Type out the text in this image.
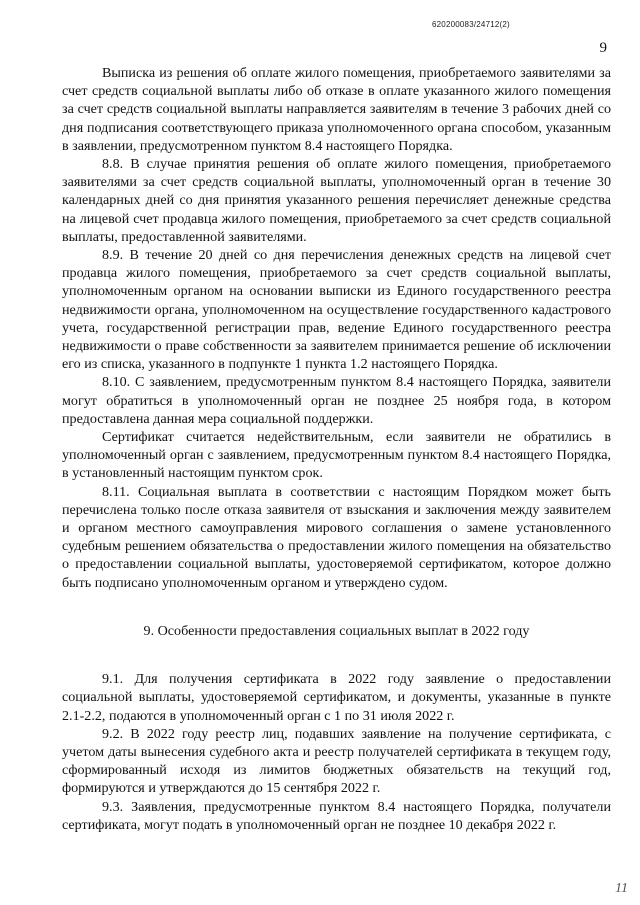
620200083/24712(2)
9

Выписка из решения об оплате жилого помещения, приобретаемого заявителями за счет средств социальной выплаты либо об отказе в оплате указанного жилого помещения за счет средств социальной выплаты направляется заявителям в течение 3 рабочих дней со дня подписания соответствующего приказа уполномоченного органа способом, указанным в заявлении, предусмотренном пунктом 8.4 настоящего Порядка.

8.8. В случае принятия решения об оплате жилого помещения, приобретаемого заявителями за счет средств социальной выплаты, уполномоченный орган в течение 30 календарных дней со дня принятия указанного решения перечисляет денежные средства на лицевой счет продавца жилого помещения, приобретаемого за счет средств социальной выплаты, предоставленной заявителями.

8.9. В течение 20 дней со дня перечисления денежных средств на лицевой счет продавца жилого помещения, приобретаемого за счет средств социальной выплаты, уполномоченным органом на основании выписки из Единого государственного реестра недвижимости органа, уполномоченном на осуществление государственного кадастрового учета, государственной регистрации прав, ведение Единого государственного реестра недвижимости о праве собственности за заявителем принимается решение об исключении его из списка, указанного в подпункте 1 пункта 1.2 настоящего Порядка.

8.10. С заявлением, предусмотренным пунктом 8.4 настоящего Порядка, заявители могут обратиться в уполномоченный орган не позднее 25 ноября года, в котором предоставлена данная мера социальной поддержки.

Сертификат считается недействительным, если заявители не обратились в уполномоченный орган с заявлением, предусмотренным пунктом 8.4 настоящего Порядка, в установленный настоящим пунктом срок.

8.11. Социальная выплата в соответствии с настоящим Порядком может быть перечислена только после отказа заявителя от взыскания и заключения между заявителем и органом местного самоуправления мирового соглашения о замене установленного судебным решением обязательства о предоставлении жилого помещения на обязательство о предоставлении социальной выплаты, удостоверяемой сертификатом, которое должно быть подписано уполномоченным органом и утверждено судом.

9. Особенности предоставления социальных выплат в 2022 году

9.1. Для получения сертификата в 2022 году заявление о предоставлении социальной выплаты, удостоверяемой сертификатом, и документы, указанные в пункте 2.1-2.2, подаются в уполномоченный орган с 1 по 31 июля 2022 г.

9.2. В 2022 году реестр лиц, подавших заявление на получение сертификата, с учетом даты вынесения судебного акта и реестр получателей сертификата в текущем году, сформированный исходя из лимитов бюджетных обязательств на текущий год, формируются и утверждаются до 15 сентября 2022 г.

9.3. Заявления, предусмотренные пунктом 8.4 настоящего Порядка, получатели сертификата, могут подать в уполномоченный орган не позднее 10 декабря 2022 г.

11
